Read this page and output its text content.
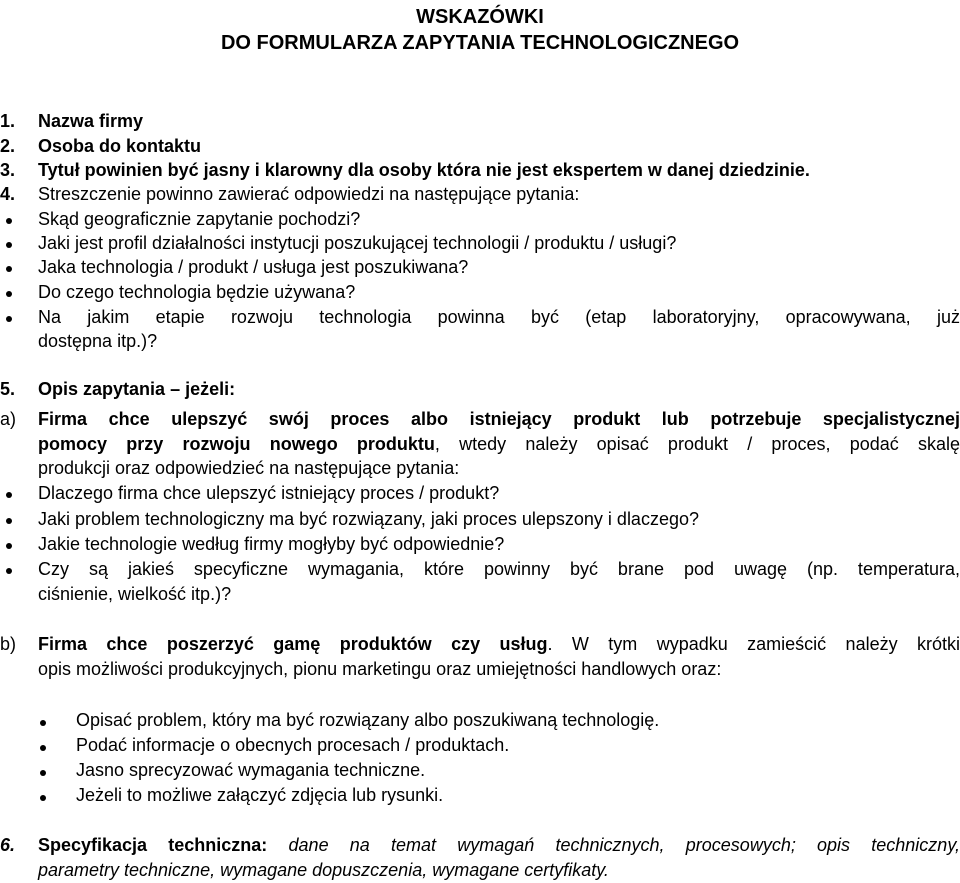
WSKAZÓWKI
DO FORMULARZA ZAPYTANIA TECHNOLOGICZNEGO
1. Nazwa firmy
2. Osoba do kontaktu
3. Tytuł powinien być jasny i klarowny dla osoby która nie jest ekspertem w danej dziedzinie.
4. Streszczenie powinno zawierać odpowiedzi na następujące pytania:
Skąd geograficznie zapytanie pochodzi?
Jaki jest profil działalności instytucji poszukującej technologii / produktu / usługi?
Jaka technologia / produkt / usługa jest poszukiwana?
Do czego technologia będzie używana?
Na jakim etapie rozwoju technologia powinna być (etap laboratoryjny, opracowywana, już
dostępna itp.)?
5. Opis zapytania – jeżeli:
a) Firma chce ulepszyć swój proces albo istniejący produkt lub potrzebuje specjalistycznej
pomocy przy rozwoju nowego produktu, wtedy należy opisać produkt / proces, podać skalę
produkcji oraz odpowiedzieć na następujące pytania:
Dlaczego firma chce ulepszyć istniejący proces / produkt?
Jaki problem technologiczny ma być rozwiązany, jaki proces ulepszony i dlaczego?
Jakie technologie według firmy mogłyby być odpowiednie?
Czy są jakieś specyficzne wymagania, które powinny być brane pod uwagę (np. temperatura,
ciśnienie, wielkość itp.)?
b) Firma chce poszerzyć gamę produktów czy usług. W tym wypadku zamieścić należy krótki
opis możliwości produkcyjnych, pionu marketingu oraz umiejętności handlowych oraz:
Opisać problem, który ma być rozwiązany albo poszukiwaną technologię.
Podać informacje o obecnych procesach / produktach.
Jasno sprecyzować wymagania techniczne.
Jeżeli to możliwe załączyć zdjęcia lub rysunki.
6. Specyfikacja techniczna: dane na temat wymagań technicznych, procesowych; opis techniczny,
parametry techniczne, wymagane dopuszczenia, wymagane certyfikaty.
